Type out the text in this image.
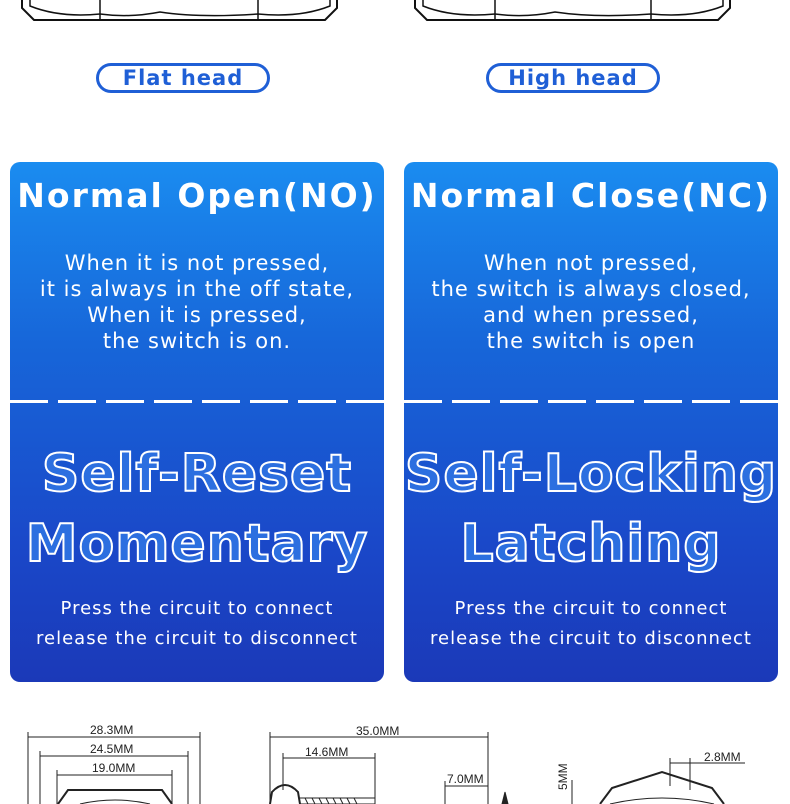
Flat head	High head
Normal Open(NO)
When it is not pressed,
it is always in the off state,
When it is pressed,
the switch is on.
Self-Reset
Momentary
Press the circuit to connect
release the circuit to disconnect
Normal Close(NC)
When not pressed,
the switch is always closed,
and when pressed,
the switch is open
Self-Locking
Latching
Press the circuit to connect
release the circuit to disconnect
28.3MM
24.5MM
19.0MM
35.0MM
14.6MM
7.0MM
2.8MM
5MM
